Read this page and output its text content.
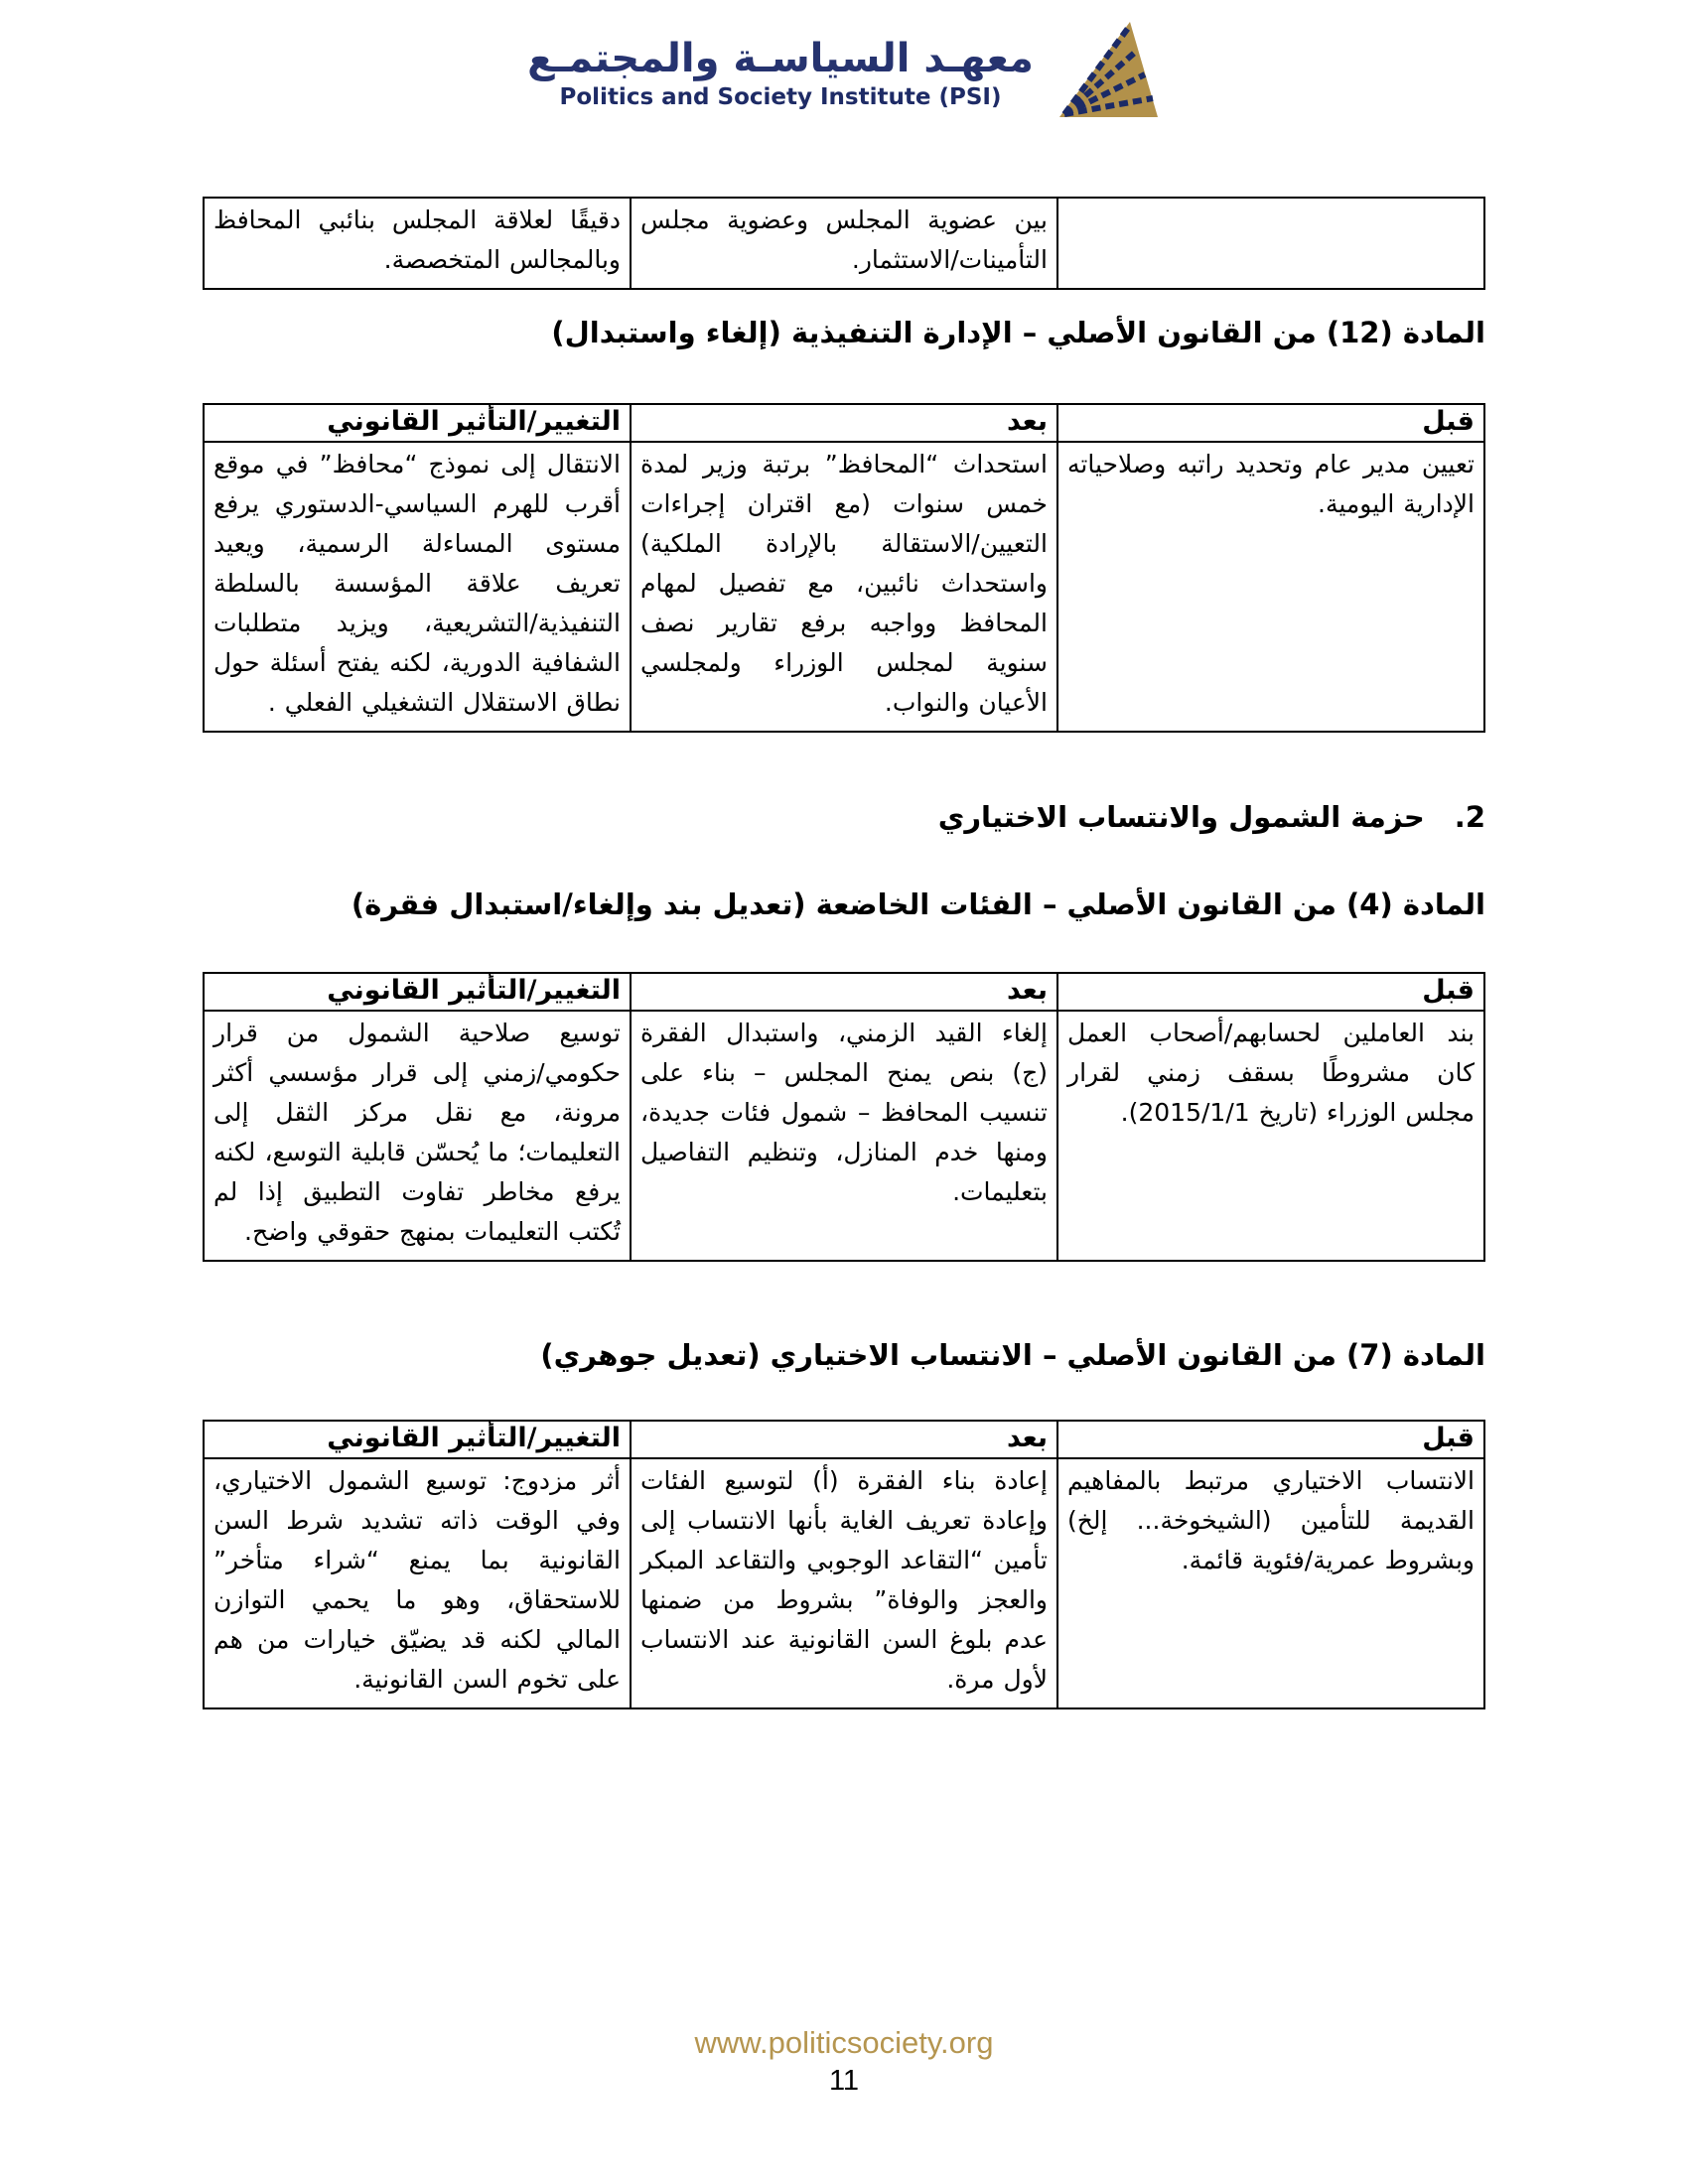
معهـد السياسـة والمجتمـع
Politics and Society Institute (PSI)
	بين عضوية المجلس وعضوية مجلس التأمينات/الاستثمار.	دقيقًا لعلاقة المجلس بنائبي المحافظ وبالمجالس المتخصصة.
المادة (12) من القانون الأصلي – الإدارة التنفيذية (إلغاء واستبدال)
قبل	بعد	التغيير/التأثير القانوني
تعيين مدير عام وتحديد راتبه وصلاحياته الإدارية اليومية.	استحداث “المحافظ” برتبة وزير لمدة خمس سنوات (مع اقتران إجراءات التعيين/الاستقالة بالإرادة الملكية) واستحداث نائبين، مع تفصيل لمهام المحافظ وواجبه برفع تقارير نصف سنوية لمجلس الوزراء ولمجلسي الأعيان والنواب.	الانتقال إلى نموذج “محافظ” في موقع أقرب للهرم السياسي-الدستوري يرفع مستوى المساءلة الرسمية، ويعيد تعريف علاقة المؤسسة بالسلطة التنفيذية/التشريعية، ويزيد متطلبات الشفافية الدورية، لكنه يفتح أسئلة حول نطاق الاستقلال التشغيلي الفعلي .
2.
حزمة الشمول والانتساب الاختياري
المادة (4) من القانون الأصلي – الفئات الخاضعة (تعديل بند وإلغاء/استبدال فقرة)
قبل	بعد	التغيير/التأثير القانوني
بند العاملين لحسابهم/أصحاب العمل كان مشروطًا بسقف زمني لقرار مجلس الوزراء (تاريخ 2015/1/1).	إلغاء القيد الزمني، واستبدال الفقرة (ج) بنص يمنح المجلس – بناء على تنسيب المحافظ – شمول فئات جديدة، ومنها خدم المنازل، وتنظيم التفاصيل بتعليمات.	توسيع صلاحية الشمول من قرار حكومي/زمني إلى قرار مؤسسي أكثر مرونة، مع نقل مركز الثقل إلى التعليمات؛ ما يُحسّن قابلية التوسع، لكنه يرفع مخاطر تفاوت التطبيق إذا لم تُكتب التعليمات بمنهج حقوقي واضح.
المادة (7) من القانون الأصلي – الانتساب الاختياري (تعديل جوهري)
قبل	بعد	التغيير/التأثير القانوني
الانتساب الاختياري مرتبط بالمفاهيم القديمة للتأمين (الشيخوخة... إلخ) وبشروط عمرية/فئوية قائمة.	إعادة بناء الفقرة (أ) لتوسيع الفئات وإعادة تعريف الغاية بأنها الانتساب إلى تأمين “التقاعد الوجوبي والتقاعد المبكر والعجز والوفاة” بشروط من ضمنها عدم بلوغ السن القانونية عند الانتساب لأول مرة.	أثر مزدوج: توسيع الشمول الاختياري، وفي الوقت ذاته تشديد شرط السن القانونية بما يمنع “شراء متأخر” للاستحقاق، وهو ما يحمي التوازن المالي لكنه قد يضيّق خيارات من هم على تخوم السن القانونية.
www.politicsociety.org
11
